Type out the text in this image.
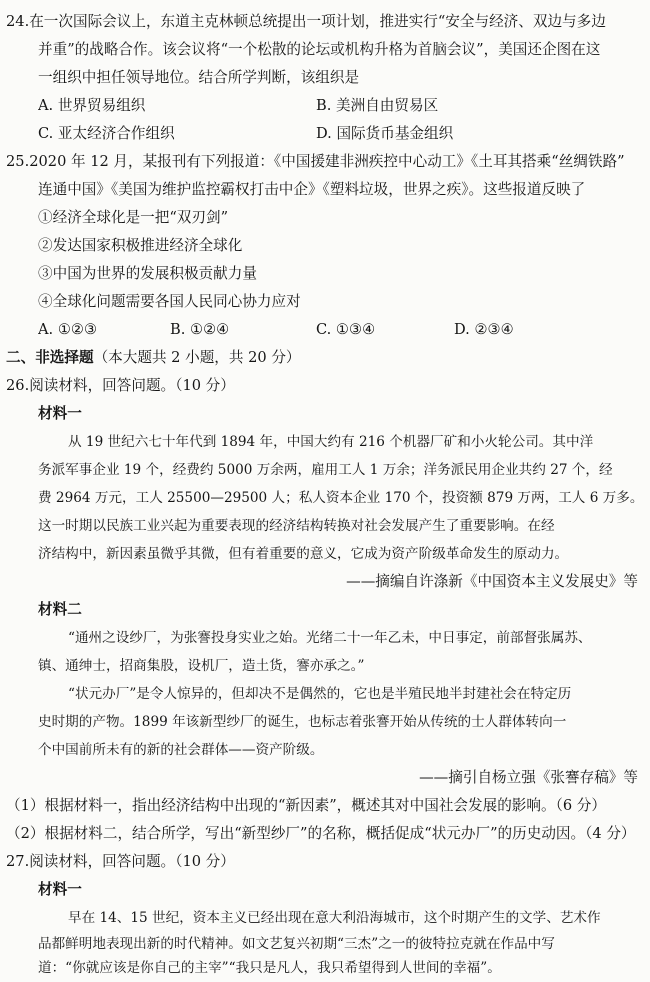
24.在一次国际会议上，东道主克林顿总统提出一项计划，推进实行“安全与经济、双边与多边
并重”的战略合作。该会议将“一个松散的论坛或机构升格为首脑会议”，美国还企图在这
一组织中担任领导地位。结合所学判断，该组织是
A. 世界贸易组织	B. 美洲自由贸易区
C. 亚太经济合作组织	D. 国际货币基金组织
25.2020 年 12 月，某报刊有下列报道：《中国援建非洲疾控中心动工》《土耳其搭乘“丝绸铁路”
连通中国》《美国为维护监控霸权打击中企》《塑料垃圾，世界之疾》。这些报道反映了
①经济全球化是一把“双刃剑”
②发达国家积极推进经济全球化
③中国为世界的发展积极贡献力量
④全球化问题需要各国人民同心协力应对
A. ①②③	B. ①②④	C. ①③④	D. ②③④
二、非选择题（本大题共 2 小题，共 20 分）
26.阅读材料，回答问题。（10 分）
材料一
从 19 世纪六七十年代到 1894 年，中国大约有 216 个机器厂矿和小火轮公司。其中洋
务派军事企业 19 个，经费约 5000 万余两，雇用工人 1 万余；洋务派民用企业共约 27 个，经
费 2964 万元，工人 25500—29500 人；私人资本企业 170 个，投资额 879 万两，工人 6 万多。
这一时期以民族工业兴起为重要表现的经济结构转换对社会发展产生了重要影响。在经
济结构中，新因素虽微乎其微，但有着重要的意义，它成为资产阶级革命发生的原动力。
——摘编自许涤新《中国资本主义发展史》等
材料二
“通州之设纱厂，为张謇投身实业之始。光绪二十一年乙未，中日事定，前部督张属苏、
镇、通绅士，招商集股，设机厂，造土货，謇亦承之。”
“状元办厂”是令人惊异的，但却决不是偶然的，它也是半殖民地半封建社会在特定历
史时期的产物。1899 年该新型纱厂的诞生，也标志着张謇开始从传统的士人群体转向一
个中国前所未有的新的社会群体——资产阶级。
——摘引自杨立强《张謇存稿》等
（1）根据材料一，指出经济结构中出现的“新因素”，概述其对中国社会发展的影响。（6 分）
（2）根据材料二，结合所学，写出“新型纱厂”的名称，概括促成“状元办厂”的历史动因。（4 分）
27.阅读材料，回答问题。（10 分）
材料一
早在 14、15 世纪，资本主义已经出现在意大利沿海城市，这个时期产生的文学、艺术作
品都鲜明地表现出新的时代精神。如文艺复兴初期“三杰”之一的彼特拉克就在作品中写
道：“你就应该是你自己的主宰”“我只是凡人，我只希望得到人世间的幸福”。
